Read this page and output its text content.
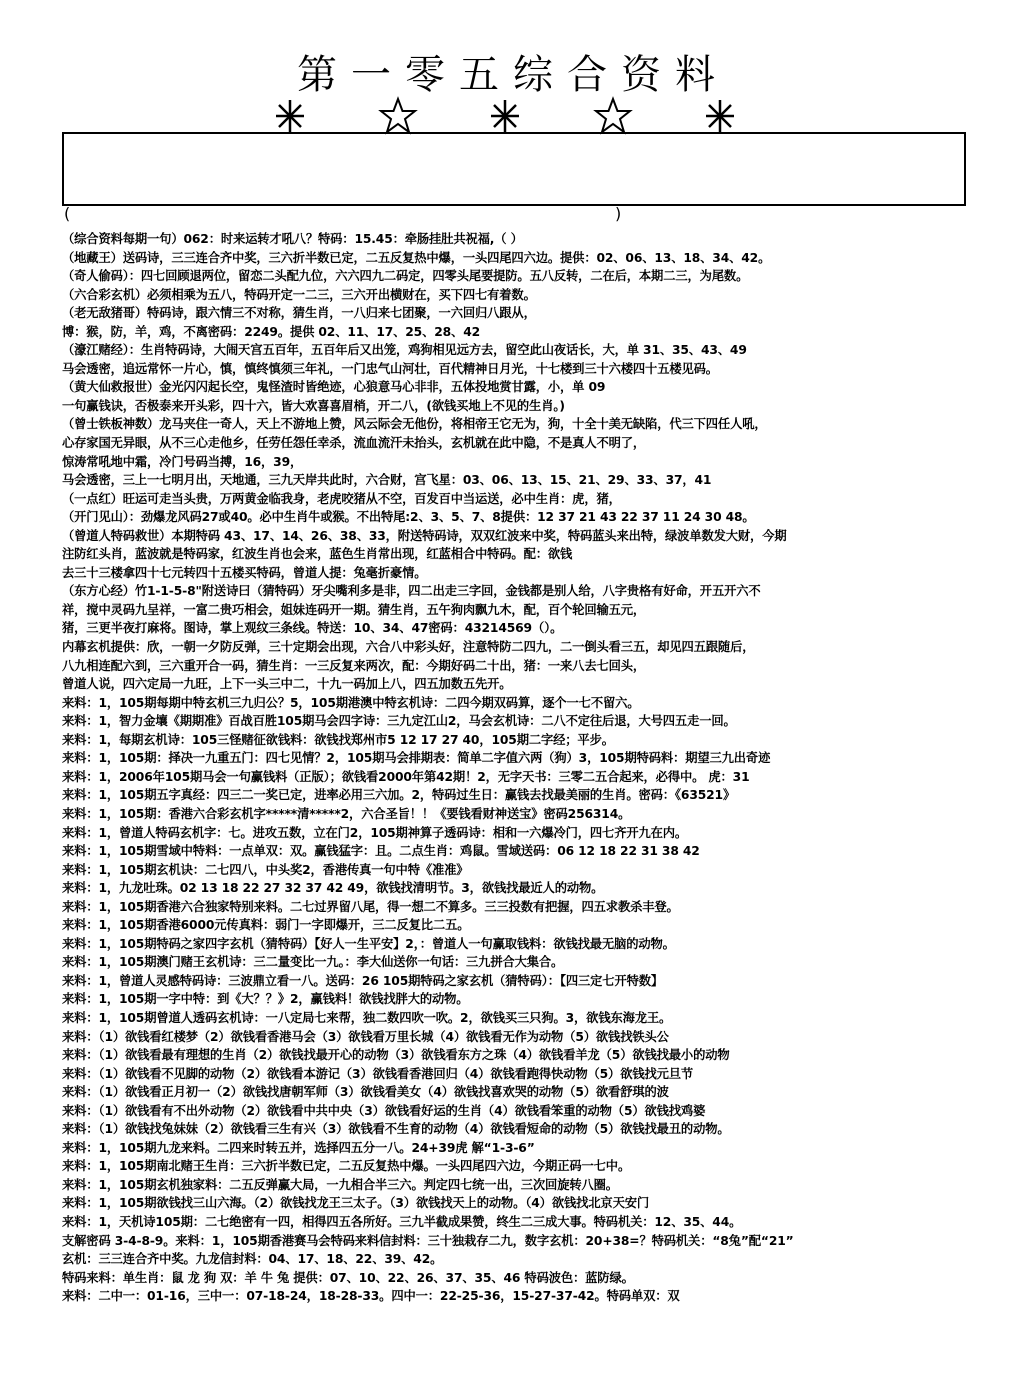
第一零五综合资料
(	)
（综合资料每期一句）062：时来运转才吼八？特码：15.45：牵肠挂肚共祝福,（ ）
（地藏王）送码诗，三三连合齐中奖，三六折半数已定，二五反复热中爆，一头四尾四六边。提供：02、06、13、18、34、42。
（奇人偷码）：四七回顾退两位，留恋二头配九位，六六四九二码定，四零头尾要提防。五八反转，二在后，本期二三，为尾数。
（六合彩玄机）必须相乘为五八，特码开定一二三，三六开出横财在，买下四七有着数。
（老无敌猪哥）特码诗，跟六情三不对称，猜生肖，一八归来七团聚，一六回归八跟从，
博：猴，防，羊，鸡，不离密码：2249。提供 02、11、17、25、28、42
（濠江赌经）：生肖特码诗，大闹天宫五百年，五百年后又出笼，鸡狗相见远方去，留空此山夜话长，大，单 31、35、43、49
马会透密，追远常怀一片心，慎，慎终慎须三年礼，一门忠气山河壮，百代精神日月光，十七楼到三十六楼四十五楼见码。
（黄大仙救报世）金光闪闪起长空，鬼怪渣时皆绝迹，心狼意马心非非，五体投地赏甘露，小，单 09
一句赢钱诀，否极泰来开头彩，四十六，皆大欢喜喜眉梢，开二八，(欲钱买地上不见的生肖。)
（曾士铁板神数）龙马夹住一奇人，天上不游地上赞，风云际会无他份，将相帝王它无为，狗，十全十美无缺陷，代三下四任人吼，
心存家国无异眼，从不三心走他乡，任劳任怨任幸杀，流血流汗未抬头，玄机就在此中隐，不是真人不明了，
惊涛常吼地中霜，冷门号码当搏，16，39，
马会透密，三上一七明月出，天地通，三九天岸共此时，六合财，宫飞星：03、06、13、15、21、29、33、37，41
（一点红）旺运可走当头贵，万两黄金临我身，老虎咬猪从不空，百发百中当运送，必中生肖：虎，猪，
（开门见山）：劲爆龙风码27或40。必中生肖牛或猴。不出特尾:2、3、5、7、8提供：12 37 21 43 22 37 11 24 30 48。
（曾道人特码救世）本期特码 43、17、14、26、38、33，附送特码诗，双双红波来中奖，特码蓝头来出特，绿波单数发大财，今期
注防红头肖，蓝波就是特码家，红波生肖也会来，蓝色生肖常出现，红蓝相合中特码。配：欲钱
去三十三楼拿四十七元转四十五楼买特码，曾道人提：兔毫折豪情。
（东方心经）竹1-1-5-8"附送诗曰（猜特码）牙尖嘴利多是非，四二出走三字回，金钱都是别人给，八字贵格有好命，开五开六不
祥，搅中灵码九呈祥，一富二贵巧相会，姐妹连码开一期。猜生肖，五午狗肉飘九木，配，百个轮回输五元，
猪，三更半夜打麻将。图诗，掌上观纹三条线。特送：10、34、47密码：43214569（）。
内幕玄机提供：欣，一朝一夕防反弹，三十定期会出现，六合八中彩头好，注意特防二四九，二一倒头看三五，却见四五跟随后，
八九相连配六到，三六重开合一码，猜生肖：一三反复来两次，配：今期好码二十出，猪：一来八去七回头，
曾道人说，四六定局一九旺，上下一头三中二，十九一码加上八，四五加数五先开。
来料：1，105期每期中特玄机三九归公？5，105期港澳中特玄机诗：二四今期双码算，逐个一七不留六。
来料：1，智力金壤《期期准》百战百胜105期马会四字诗：三九定江山2，马会玄机诗：二八不定往后退，大号四五走一回。
来料：1，每期玄机诗：105三怪赌征欲钱料：欲钱找郑州市5 12 17 27 40，105期二字经；平步。
来料：1，105期：择决一九重五门：四七见情？2，105期马会排期表：简单二字值六两（狗）3，105期特码料：期望三九出奇迹
来料：1，2006年105期马会一句赢钱料（正版）；欲钱看2000年第42期！2，无字天书：三零二五合起来，必得中。 虎：31
来料：1，105期五字真经：四三二一奖已定，进率必用三六加。2，特码过生日：赢钱去找最美丽的生肖。密码：《63521》
来料：1，105期：香港六合彩玄机字*****清*****2，六合圣旨！！《要钱看财神送宝》密码256314。
来料：1，曾道人特码玄机字：七。进攻五数，立在门2，105期神算子透码诗：相和一六爆冷门，四七齐开九在内。
来料：1，105期雪域中特料：一点单双：双。赢钱猛字：且。二点生肖：鸡鼠。雪域送码：06 12 18 22 31 38 42
来料：1，105期玄机诀：二七四八，中头奖2，香港传真一句中特《准准》
来料：1，九龙吐珠。02 13 18 22 27 32 37 42 49，欲钱找清明节。3，欲钱找最近人的动物。
来料：1，105期香港六合独家特别来料。二七过界留八尾，得一想二不算多。三三投数有把握，四五求教杀丰登。
来料：1，105期香港6000元传真料：弱门一字即爆开，三二反复比二五。
来料：1，105期特码之家四字玄机（猜特码）【好人一生平安】2，：曾道人一句赢取钱料：欲钱找最无脑的动物。
来料：1，105期澳门赌王玄机诗：三二量变比一九。：李大仙送你一句话：三九拼合大集合。
来料：1，曾道人灵感特码诗：三波鼎立看一八。送码：26 105期特码之家玄机（猜特码）：【四三定七开特数】
来料：1，105期一字中特：到《大？？》2，赢钱料！欲钱找胖大的动物。
来料：1，105期曾道人透码玄机诗：一八定局七来帮，独二数四吹一吹。2，欲钱买三只狗。3，欲钱东海龙王。
来料：（1）欲钱看红楼梦（2）欲钱看香港马会（3）欲钱看万里长城（4）欲钱看无作为动物（5）欲钱找铁头公
来料：（1）欲钱看最有理想的生肖（2）欲钱找最开心的动物（3）欲钱看东方之珠（4）欲钱看羊龙（5）欲钱找最小的动物
来料：（1）欲钱看不见脚的动物（2）欲钱看本游记（3）欲钱看香港回归（4）欲钱看跑得快动物（5）欲钱找元旦节
来料：（1）欲钱看正月初一（2）欲钱找唐朝军师（3）欲钱看美女（4）欲钱找喜欢哭的动物（5）欲看舒琪的波
来料：（1）欲钱看有不出外动物（2）欲钱看中共中央（3）欲钱看好运的生肖（4）欲钱看笨重的动物（5）欲钱找鸡婆
来料：（1）欲钱找兔妹妹（2）欲钱看三生有兴（3）欲钱看不生育的动物（4）欲钱看短命的动物（5）欲钱找最丑的动物。
来料：1，105期九龙来料。二四来时转五并，选择四五分一八。24+39虎 解“1-3-6”
来料：1，105期南北赌王生肖：三六折半数已定，二五反复热中爆。一头四尾四六边，今期正码一七中。
来料：1，105期玄机独家料：二五反弹赢大局，一九相合半三六。判定四七统一出，三次回旋转八圈。
来料：1，105期欲钱找三山六海。（2）欲钱找龙王三太子。（3）欲钱找天上的动物。（4）欲钱找北京天安门
来料：1，天机诗105期：二七绝密有一四，相得四五各所好。三九半截成果赞，终生二三成大事。特码机关：12、35、44。
支解密码 3-4-8-9。来料：1，105期香港赛马会特码来料信封料：三十独栽存二九，数字玄机：20+38=？特码机关：“8兔”配“21”
玄机：三三连合齐中奖。九龙信封料：04、17、18、22、39、42。
特码来料：单生肖：鼠 龙 狗 双：羊 牛 兔 提供：07、10、22、26、37、35、46 特码波色：蓝防绿。
来料：二中一：01-16，三中一：07-18-24，18-28-33。四中一：22-25-36，15-27-37-42。特码单双：双
